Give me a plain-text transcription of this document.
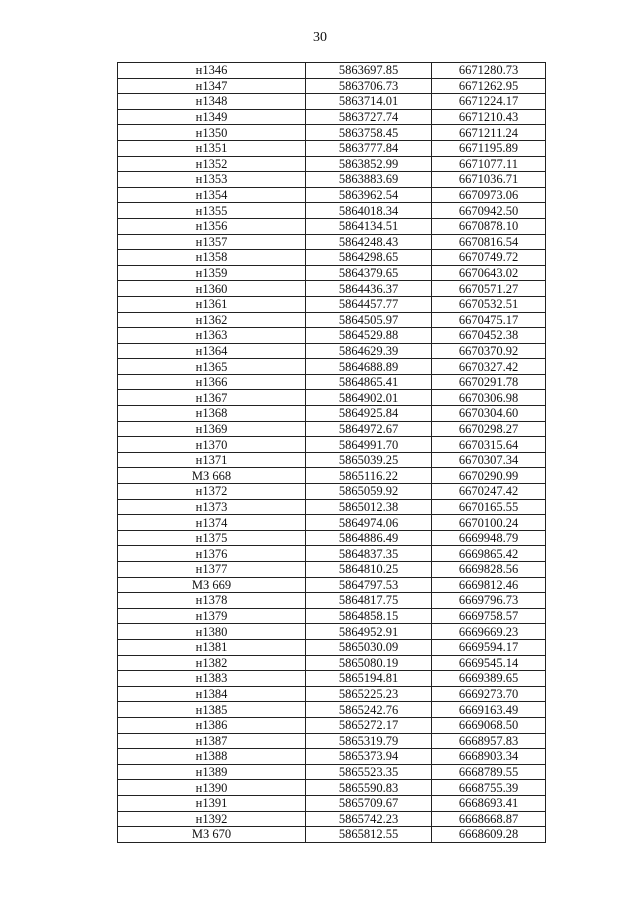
30
н1346	5863697.85	6671280.73
н1347	5863706.73	6671262.95
н1348	5863714.01	6671224.17
н1349	5863727.74	6671210.43
н1350	5863758.45	6671211.24
н1351	5863777.84	6671195.89
н1352	5863852.99	6671077.11
н1353	5863883.69	6671036.71
н1354	5863962.54	6670973.06
н1355	5864018.34	6670942.50
н1356	5864134.51	6670878.10
н1357	5864248.43	6670816.54
н1358	5864298.65	6670749.72
н1359	5864379.65	6670643.02
н1360	5864436.37	6670571.27
н1361	5864457.77	6670532.51
н1362	5864505.97	6670475.17
н1363	5864529.88	6670452.38
н1364	5864629.39	6670370.92
н1365	5864688.89	6670327.42
н1366	5864865.41	6670291.78
н1367	5864902.01	6670306.98
н1368	5864925.84	6670304.60
н1369	5864972.67	6670298.27
н1370	5864991.70	6670315.64
н1371	5865039.25	6670307.34
МЗ 668	5865116.22	6670290.99
н1372	5865059.92	6670247.42
н1373	5865012.38	6670165.55
н1374	5864974.06	6670100.24
н1375	5864886.49	6669948.79
н1376	5864837.35	6669865.42
н1377	5864810.25	6669828.56
МЗ 669	5864797.53	6669812.46
н1378	5864817.75	6669796.73
н1379	5864858.15	6669758.57
н1380	5864952.91	6669669.23
н1381	5865030.09	6669594.17
н1382	5865080.19	6669545.14
н1383	5865194.81	6669389.65
н1384	5865225.23	6669273.70
н1385	5865242.76	6669163.49
н1386	5865272.17	6669068.50
н1387	5865319.79	6668957.83
н1388	5865373.94	6668903.34
н1389	5865523.35	6668789.55
н1390	5865590.83	6668755.39
н1391	5865709.67	6668693.41
н1392	5865742.23	6668668.87
МЗ 670	5865812.55	6668609.28
